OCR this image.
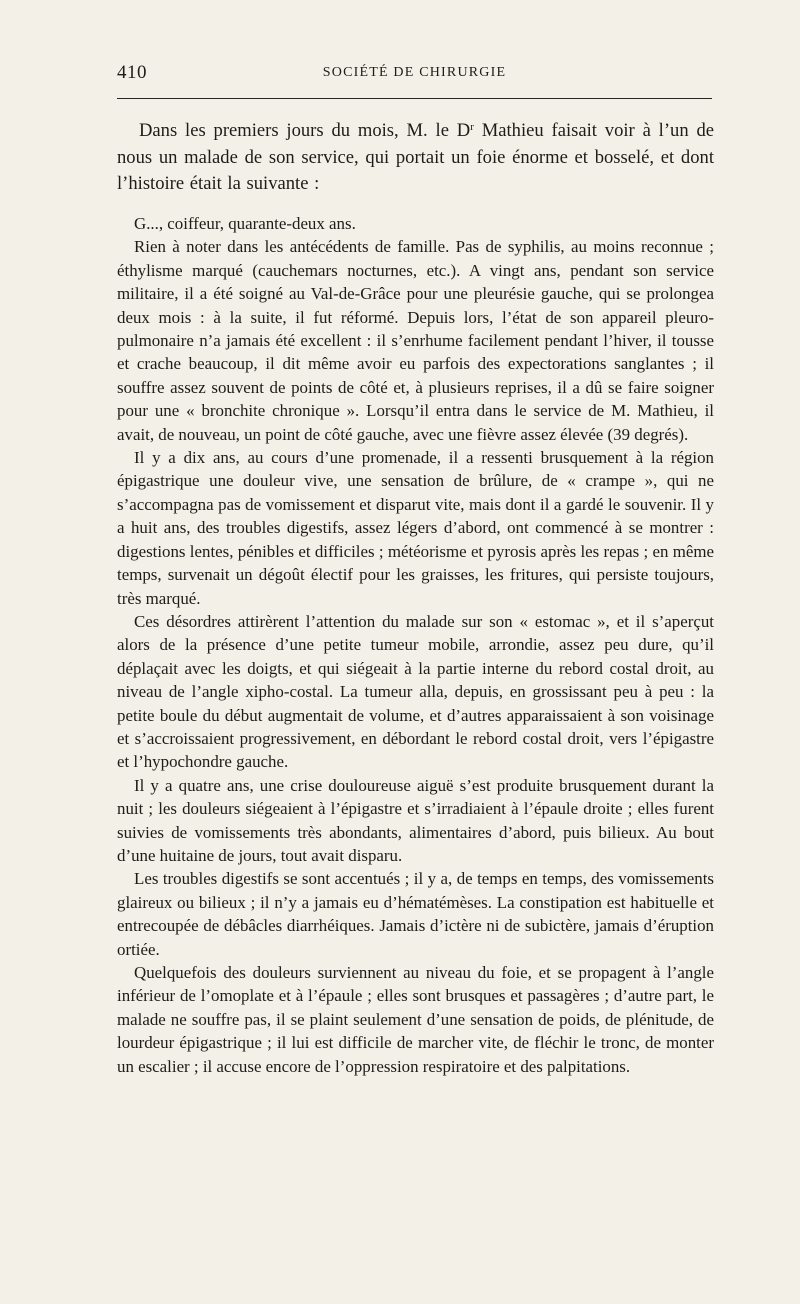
410	SOCIÉTÉ DE CHIRURGIE

Dans les premiers jours du mois, M. le $D^r$ Mathieu faisait voir à l’un de nous un malade de son service, qui portait un foie énorme et bosselé, et dont l’histoire était la suivante :

G..., coiffeur, quarante-deux ans.

Rien à noter dans les antécédents de famille. Pas de syphilis, au moins reconnue ; éthylisme marqué (cauchemars nocturnes, etc.). A vingt ans, pendant son service militaire, il a été soigné au Val-de-Grâce pour une pleurésie gauche, qui se prolongea deux mois : à la suite, il fut réformé. Depuis lors, l’état de son appareil pleuro-pulmonaire n’a jamais été excellent : il s’enrhume facilement pendant l’hiver, il tousse et crache beaucoup, il dit même avoir eu parfois des expectorations sanglantes ; il souffre assez souvent de points de côté et, à plusieurs reprises, il a dû se faire soigner pour une « bronchite chronique ». Lorsqu’il entra dans le service de M. Mathieu, il avait, de nouveau, un point de côté gauche, avec une fièvre assez élevée (39 degrés).

Il y a dix ans, au cours d’une promenade, il a ressenti brusquement à la région épigastrique une douleur vive, une sensation de brûlure, de « crampe », qui ne s’accompagna pas de vomissement et disparut vite, mais dont il a gardé le souvenir. Il y a huit ans, des troubles digestifs, assez légers d’abord, ont commencé à se montrer : digestions lentes, pénibles et difficiles ; météorisme et pyrosis après les repas ; en même temps, survenait un dégoût électif pour les graisses, les fritures, qui persiste toujours, très marqué.

Ces désordres attirèrent l’attention du malade sur son « estomac », et il s’aperçut alors de la présence d’une petite tumeur mobile, arrondie, assez peu dure, qu’il déplaçait avec les doigts, et qui siégeait à la partie interne du rebord costal droit, au niveau de l’angle xipho-costal. La tumeur alla, depuis, en grossissant peu à peu : la petite boule du début augmentait de volume, et d’autres apparaissaient à son voisinage et s’accroissaient progressivement, en débordant le rebord costal droit, vers l’épigastre et l’hypochondre gauche.

Il y a quatre ans, une crise douloureuse aiguë s’est produite brusquement durant la nuit ; les douleurs siégeaient à l’épigastre et s’irradiaient à l’épaule droite ; elles furent suivies de vomissements très abondants, alimentaires d’abord, puis bilieux. Au bout d’une huitaine de jours, tout avait disparu.

Les troubles digestifs se sont accentués ; il y a, de temps en temps, des vomissements glaireux ou bilieux ; il n’y a jamais eu d’hématémèses. La constipation est habituelle et entrecoupée de débâcles diarrhéiques. Jamais d’ictère ni de subictère, jamais d’éruption ortiée.

Quelquefois des douleurs surviennent au niveau du foie, et se propagent à l’angle inférieur de l’omoplate et à l’épaule ; elles sont brusques et passagères ; d’autre part, le malade ne souffre pas, il se plaint seulement d’une sensation de poids, de plénitude, de lourdeur épigastrique ; il lui est difficile de marcher vite, de fléchir le tronc, de monter un escalier ; il accuse encore de l’oppression respiratoire et des palpitations.
